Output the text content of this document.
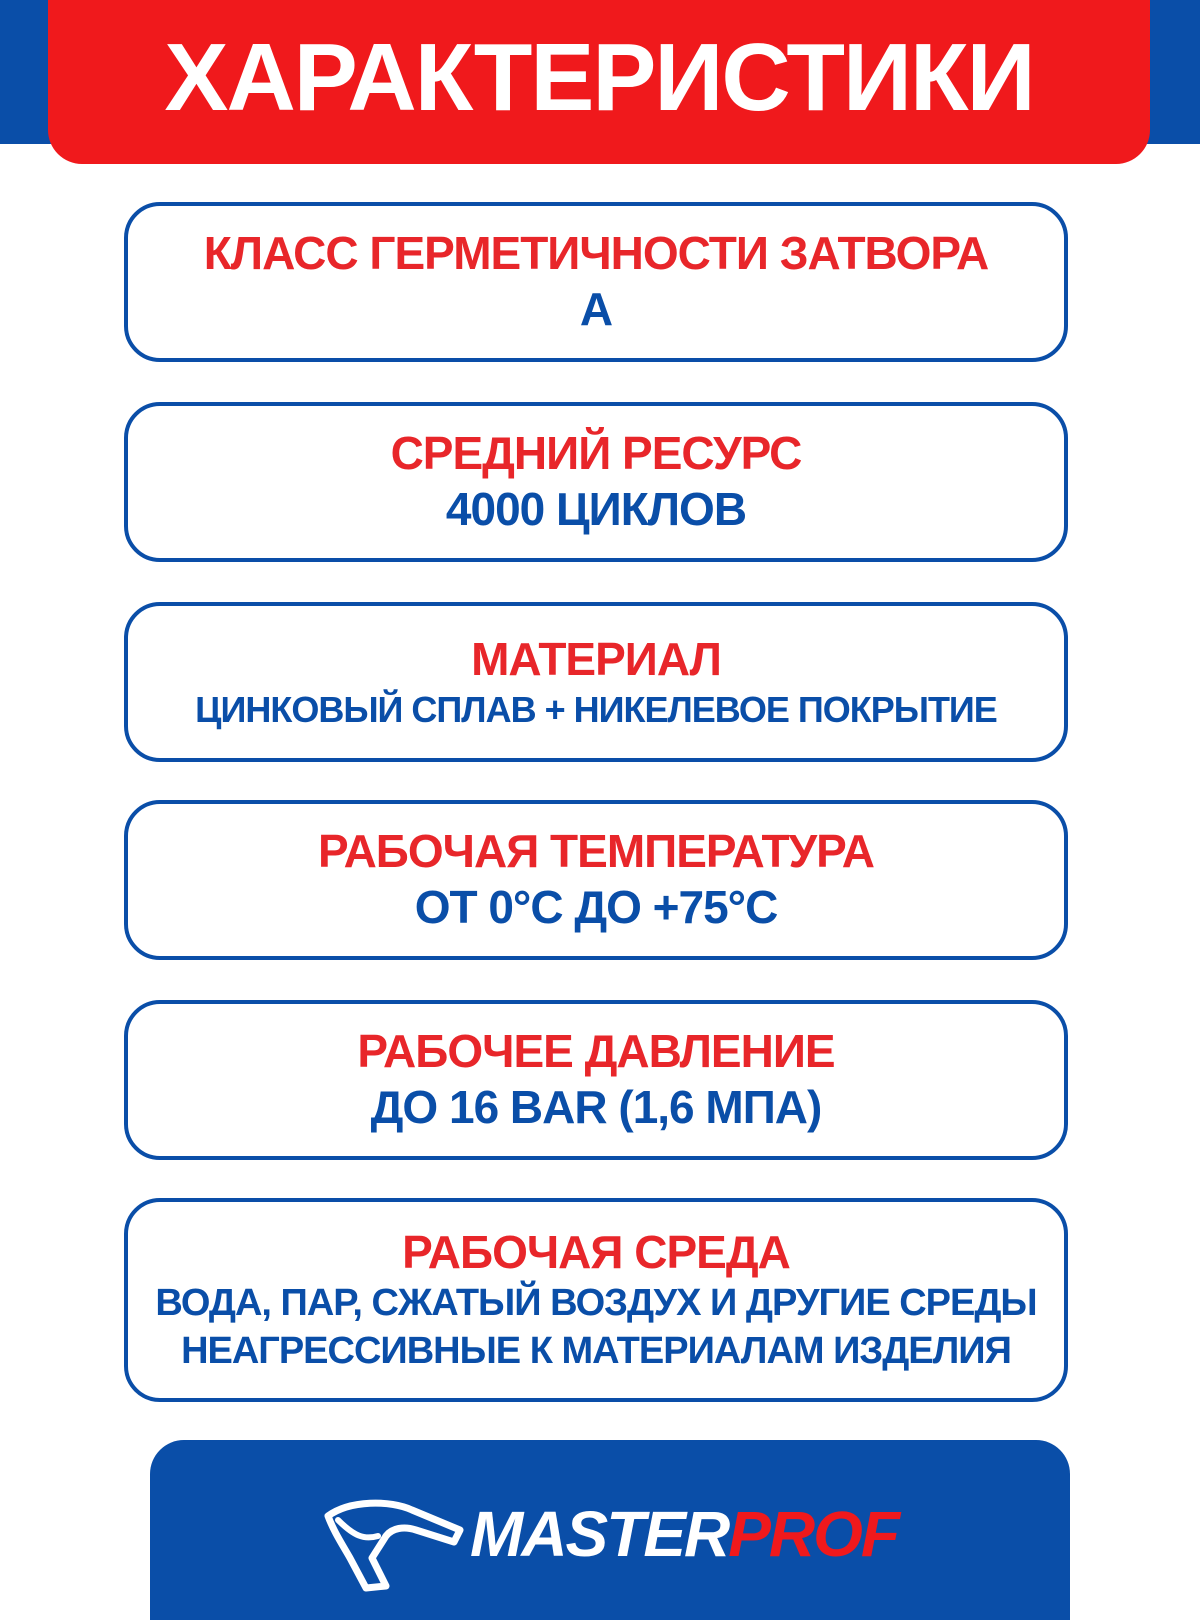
ХАРАКТЕРИСТИКИ
КЛАСС ГЕРМЕТИЧНОСТИ ЗАТВОРА
А
СРЕДНИЙ РЕСУРС
4000 ЦИКЛОВ
МАТЕРИАЛ
ЦИНКОВЫЙ СПЛАВ + НИКЕЛЕВОЕ ПОКРЫТИЕ
РАБОЧАЯ ТЕМПЕРАТУРА
ОТ 0°С ДО +75°С
РАБОЧЕЕ ДАВЛЕНИЕ
ДО 16 BAR (1,6 МПА)
РАБОЧАЯ СРЕДА
ВОДА, ПАР, СЖАТЫЙ ВОЗДУХ И ДРУГИЕ СРЕДЫ
НЕАГРЕССИВНЫЕ К МАТЕРИАЛАМ ИЗДЕЛИЯ
MASTERPROF
